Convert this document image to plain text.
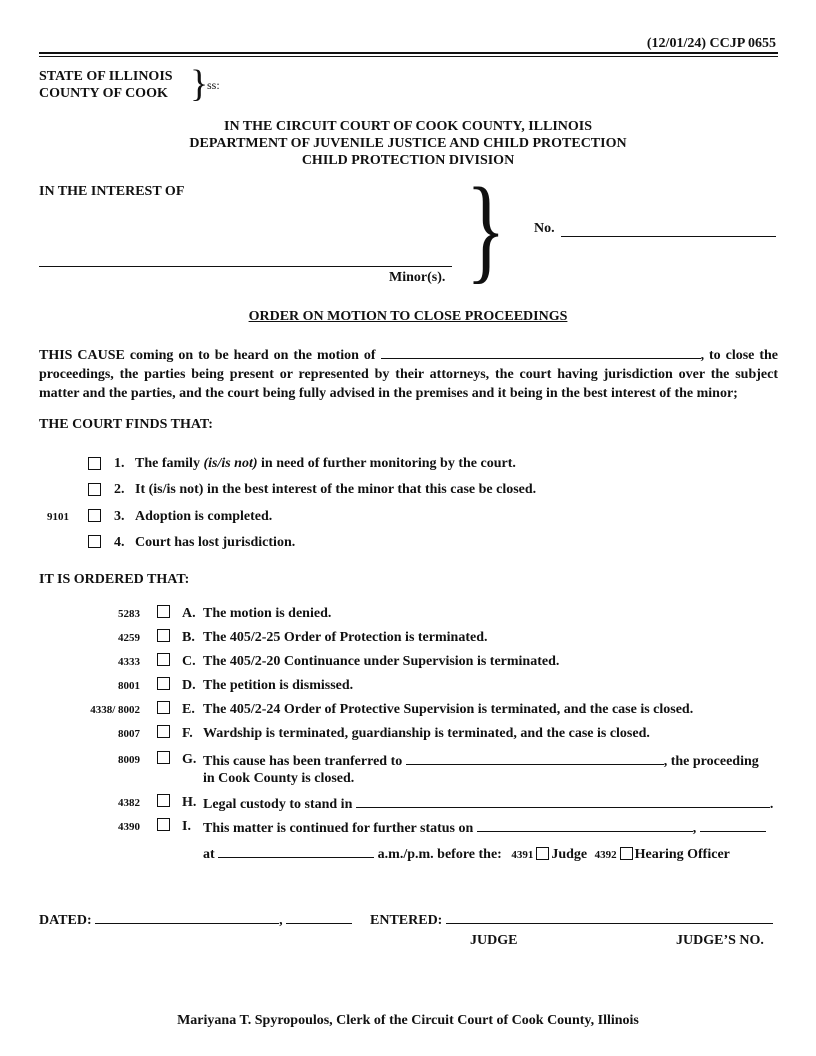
(12/01/24) CCJP 0655
STATE OF ILLINOIS
COUNTY OF COOK }
ss:
IN THE CIRCUIT COURT OF COOK COUNTY, ILLINOIS
DEPARTMENT OF JUVENILE JUSTICE AND CHILD PROTECTION
CHILD PROTECTION DIVISION
IN THE INTEREST OF
Minor(s). } No.
ORDER ON MOTION TO CLOSE PROCEEDINGS
THIS CAUSE coming on to be heard on the motion of	, to close the proceedings, the parties being present or represented by their attorneys, the court having jurisdiction over the subject matter and the parties, and the court being fully advised in the premises and it being in the best interest of the minor;
THE COURT FINDS THAT:
1. The family (is/is not) in need of further monitoring by the court.
2. It (is/is not) in the best interest of the minor that this case be closed.
9101	3. Adoption is completed.
4. Court has lost jurisdiction.
IT IS ORDERED THAT:
5283	A. The motion is denied.
4259	B. The 405/2-25 Order of Protection is terminated.
4333	C. The 405/2-20 Continuance under Supervision is terminated.
8001	D. The petition is dismissed.
4338/ 8002	E. The 405/2-24 Order of Protective Supervision is terminated, and the case is closed.
8007	F. Wardship is terminated, guardianship is terminated, and the case is closed.
8009	G. This cause has been tranferred to	, the proceeding
in Cook County is closed.
4382	H. Legal custody to stand in	.
4390	I. This matter is continued for further status on	,
at	a.m./p.m. before the: 4391 Judge 4392 Hearing Officer
DATED:	,	ENTERED:
JUDGE	JUDGE’S NO.
Mariyana T. Spyropoulos, Clerk of the Circuit Court of Cook County, Illinois
